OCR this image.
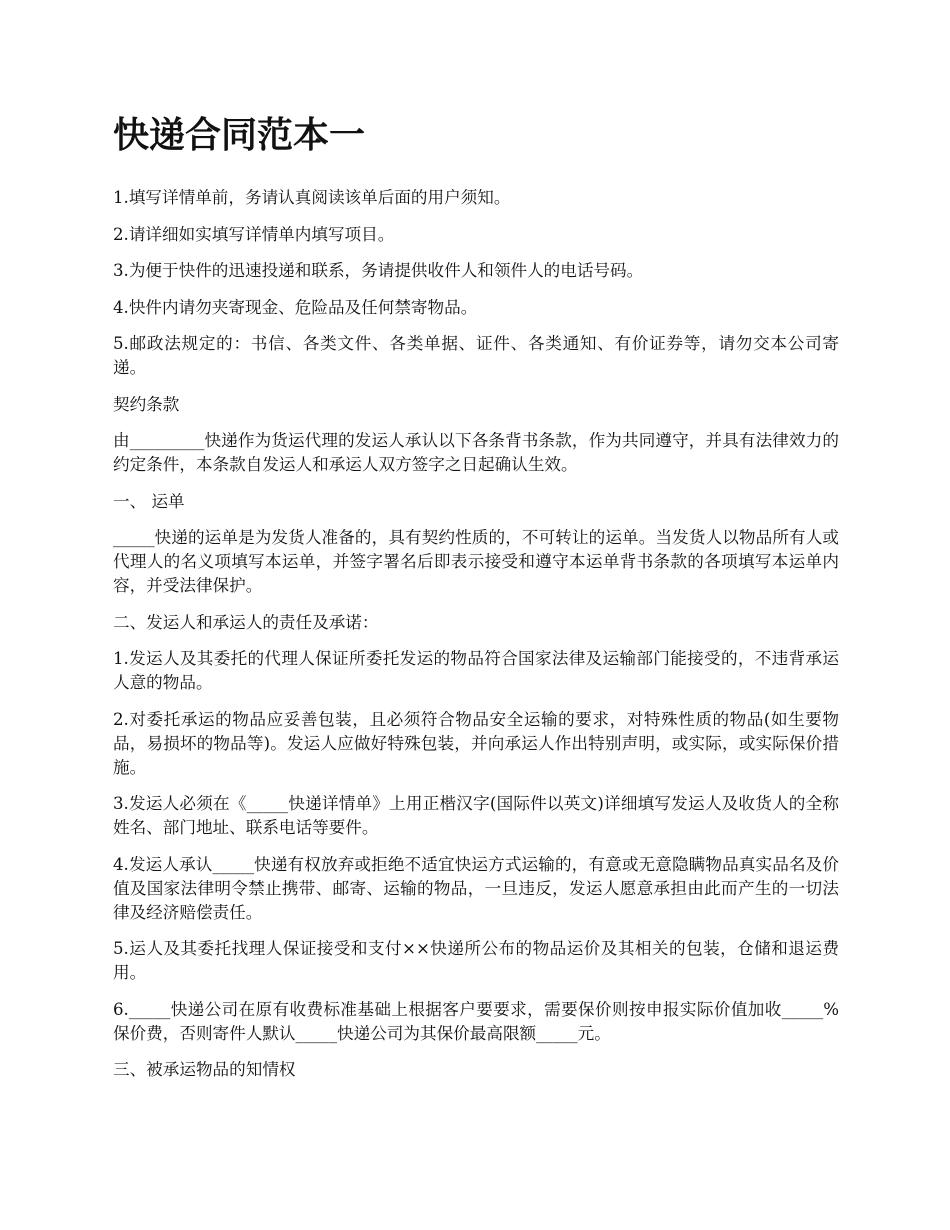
快递合同范本一

1.填写详情单前，务请认真阅读该单后面的用户须知。

2.请详细如实填写详情单内填写项目。

3.为便于快件的迅速投递和联系，务请提供收件人和领件人的电话号码。

4.快件内请勿夹寄现金、危险品及任何禁寄物品。

5.邮政法规定的：书信、各类文件、各类单据、证件、各类通知、有价证券等，请勿交本公司寄递。

契约条款

由_________快递作为货运代理的发运人承认以下各条背书条款，作为共同遵守，并具有法律效力的约定条件，本条款自发运人和承运人双方签字之日起确认生效。

一、 运单

_____快递的运单是为发货人准备的，具有契约性质的，不可转让的运单。当发货人以物品所有人或代理人的名义项填写本运单，并签字署名后即表示接受和遵守本运单背书条款的各项填写本运单内容，并受法律保护。

二、发运人和承运人的责任及承诺：

1.发运人及其委托的代理人保证所委托发运的物品符合国家法律及运输部门能接受的，不违背承运人意的物品。

2.对委托承运的物品应妥善包装，且必须符合物品安全运输的要求，对特殊性质的物品(如生要物品，易损坏的物品等)。发运人应做好特殊包装，并向承运人作出特别声明，或实际，或实际保价措施。

3.发运人必须在《_____快递详情单》上用正楷汉字(国际件以英文)详细填写发运人及收货人的全称姓名、部门地址、联系电话等要件。

4.发运人承认_____快递有权放弃或拒绝不适宜快运方式运输的，有意或无意隐瞒物品真实品名及价值及国家法律明令禁止携带、邮寄、运输的物品，一旦违反，发运人愿意承担由此而产生的一切法律及经济赔偿责任。

5.运人及其委托找理人保证接受和支付××快递所公布的物品运价及其相关的包装，仓储和退运费用。

6._____快递公司在原有收费标准基础上根据客户要要求，需要保价则按申报实际价值加收_____%保价费，否则寄件人默认_____快递公司为其保价最高限额_____元。

三、被承运物品的知情权
